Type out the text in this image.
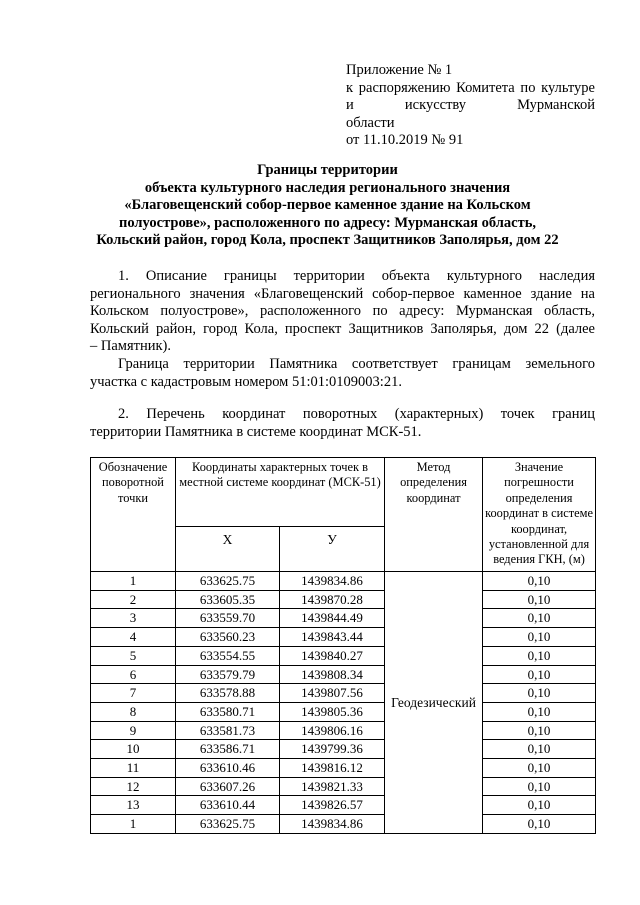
Приложение № 1
к распоряжению Комитета по культуре и искусству Мурманской
области
от 11.10.2019 № 91
Границы территории
объекта культурного наследия регионального значения
«Благовещенский собор-первое каменное здание на Кольском
полуострове», расположенного по адресу: Мурманская область,
Кольский район, город Кола, проспект Защитников Заполярья, дом 22
1. Описание границы территории объекта культурного наследия
регионального значения «Благовещенский собор-первое каменное здание на
Кольском полуострове», расположенного по адресу: Мурманская область,
Кольский район, город Кола, проспект Защитников Заполярья, дом 22 (далее
– Памятник).
Граница территории Памятника соответствует границам земельного
участка с кадастровым номером 51:01:0109003:21.
2. Перечень координат поворотных (характерных) точек границ
территории Памятника в системе координат МСК-51.
Обозначение поворотной точки	Координаты характерных точек в местной системе координат (МСК-51)		Метод определения координат	Значение погрешности определения координат в системе координат, установленной для ведения ГКН, (м)
	X	У		
1	633625.75	1439834.86	Геодезический	0,10
2	633605.35	1439870.28		0,10
3	633559.70	1439844.49		0,10
4	633560.23	1439843.44		0,10
5	633554.55	1439840.27		0,10
6	633579.79	1439808.34		0,10
7	633578.88	1439807.56		0,10
8	633580.71	1439805.36		0,10
9	633581.73	1439806.16		0,10
10	633586.71	1439799.36		0,10
11	633610.46	1439816.12		0,10
12	633607.26	1439821.33		0,10
13	633610.44	1439826.57		0,10
1	633625.75	1439834.86		0,10
